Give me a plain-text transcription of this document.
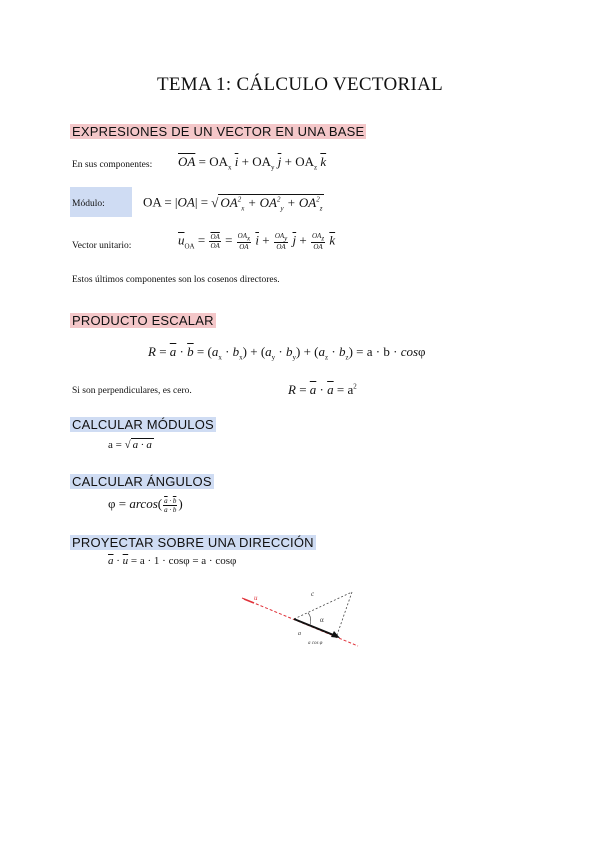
TEMA 1: CÁLCULO VECTORIAL
EXPRESIONES DE UN VECTOR EN UNA BASE
En sus componentes: $\overline{OA} = OA_x$ $\overline{i} + OA_y$ $\overline{j} + OA_z$ $\overline{k}$
Módulo:	OA = |OA| = √ $OA^2_x + OA^2_y + OA^2_z$
Vector unitario:	$\overline{u}_{OA} = \frac{\overline{OA}}{OA} = \frac{OA_x}{OA} \overline{i} + \frac{OA_y}{OA} \overline{j} + \frac{OA_z}{OA} \overline{k}$
Estos últimos componentes son los cosenos directores.
PRODUCTO ESCALAR
$R = \overline{a} \cdot \overline{b} = (a_x \cdot b_x) + (a_y \cdot b_y) + (a_z \cdot b_z) = a \cdot b \cdot \cos\varphi$
Si son perpendiculares, es cero.	$R = \overline{a} \cdot \overline{a} = a^2$
CALCULAR MÓDULOS
a = √ $a \cdot \overline{a}$
CALCULAR ÁNGULOS
$\varphi = arcos( \frac{\overline{a} \cdot \overline{b}}{a \cdot b}$ )
PROYECTAR SOBRE UNA DIRECCIÓN
$\overline{a} \cdot \overline{u} = a \cdot 1 \cdot \cos\varphi = a \cdot \cos\varphi$
u	c
α
a
a cos φ
